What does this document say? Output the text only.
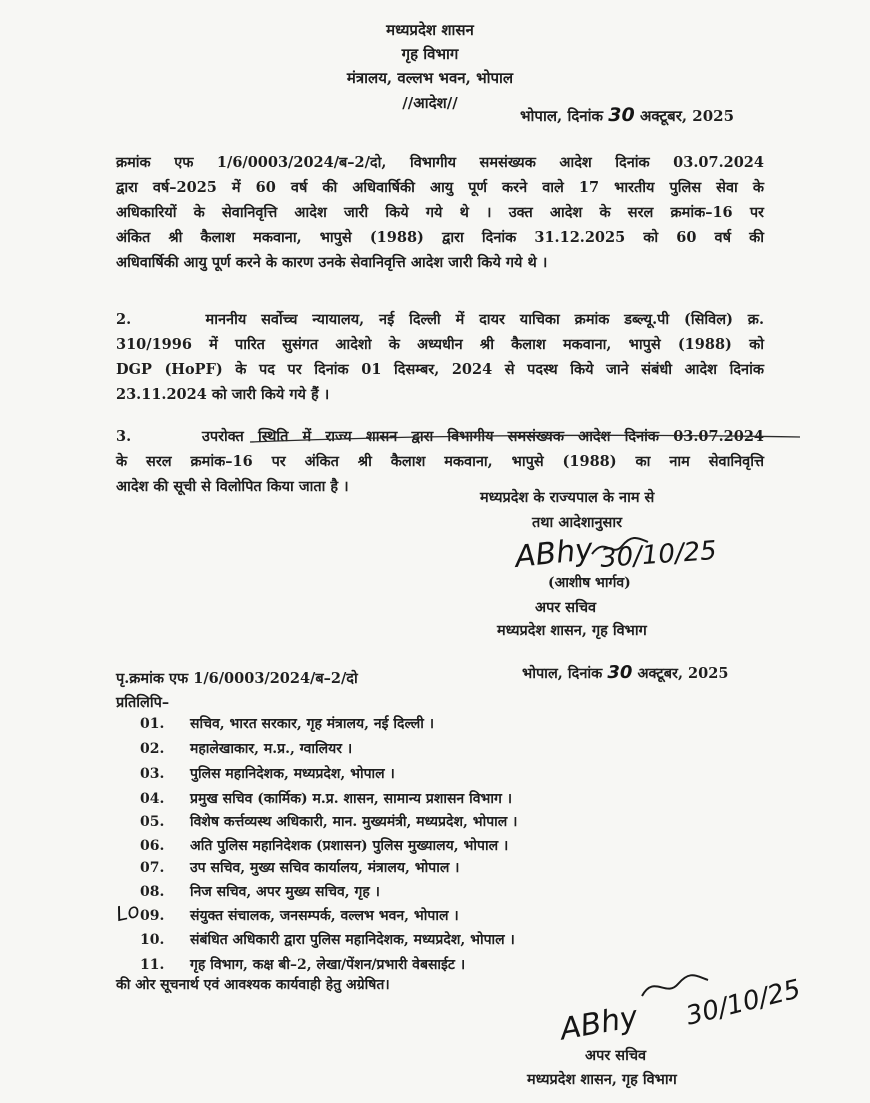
मध्यप्रदेश शासन
गृह विभाग
मंत्रालय, वल्लभ भवन, भोपाल
//आदेश//
भोपाल, दिनांक 30 अक्टूबर, 2025
क्रमांक एफ 1/6/0003/2024/ब–2/दो, विभागीय समसंख्यक आदेश दिनांक 03.07.2024
द्वारा वर्ष–2025 में 60 वर्ष की अधिवार्षिकी आयु पूर्ण करने वाले 17 भारतीय पुलिस सेवा के
अधिकारियों के सेवानिवृत्ति आदेश जारी किये गये थे । उक्त आदेश के सरल क्रमांक–16 पर
अंकित श्री कैलाश मकवाना, भापुसे (1988) द्वारा दिनांक 31.12.2025 को 60 वर्ष की
अधिवार्षिकी आयु पूर्ण करने के कारण उनके सेवानिवृत्ति आदेश जारी किये गये थे ।
2.	माननीय सर्वोच्च न्यायालय, नई दिल्ली में दायर याचिका क्रमांक डब्ल्यू.पी (सिविल) क्र.
310/1996 में पारित सुसंगत आदेशो के अध्यधीन श्री कैलाश मकवाना, भापुसे (1988) को
DGP (HoPF) के पद पर दिनांक 01 दिसम्बर, 2024 से पदस्थ किये जाने संबंधी आदेश दिनांक
23.11.2024 को जारी किये गये हैं ।
3.	उपरोक्त स्थिति में राज्य शासन द्वारा विभागीय समसंख्यक आदेश दिनांक 03.07.2024
के सरल क्रमांक–16 पर अंकित श्री कैलाश मकवाना, भापुसे (1988) का नाम सेवानिवृत्ति
आदेश की सूची से विलोपित किया जाता है ।
मध्यप्रदेश के राज्यपाल के नाम से
तथा आदेशानुसार
ABhy 30/10/25
(आशीष भार्गव)
अपर सचिव
मध्यप्रदेश शासन, गृह विभाग
पृ.क्रमांक एफ 1/6/0003/2024/ब–2/दो	भोपाल, दिनांक 30 अक्टूबर, 2025
प्रतिलिपि–
01. सचिव, भारत सरकार, गृह मंत्रालय, नई दिल्ली ।
02. महालेखाकार, म.प्र., ग्वालियर ।
03. पुलिस महानिदेशक, मध्यप्रदेश, भोपाल ।
04. प्रमुख सचिव (कार्मिक) म.प्र. शासन, सामान्य प्रशासन विभाग ।
05. विशेष कर्त्तव्यस्थ अधिकारी, मान. मुख्यमंत्री, मध्यप्रदेश, भोपाल ।
06. अति पुलिस महानिदेशक (प्रशासन) पुलिस मुख्यालय, भोपाल ।
07. उप सचिव, मुख्य सचिव कार्यालय, मंत्रालय, भोपाल ।
08. निज सचिव, अपर मुख्य सचिव, गृह ।
09. संयुक्त संचालक, जनसम्पर्क, वल्लभ भवन, भोपाल ।
10. संबंधित अधिकारी द्वारा पुलिस महानिदेशक, मध्यप्रदेश, भोपाल ।
11. गृह विभाग, कक्ष बी–2, लेखा/पेंशन/प्रभारी वेबसाईट ।
Lo
की ओर सूचनार्थ एवं आवश्यक कार्यवाही हेतु अग्रेषित।
ABhy 30/10/25
अपर सचिव
मध्यप्रदेश शासन, गृह विभाग
